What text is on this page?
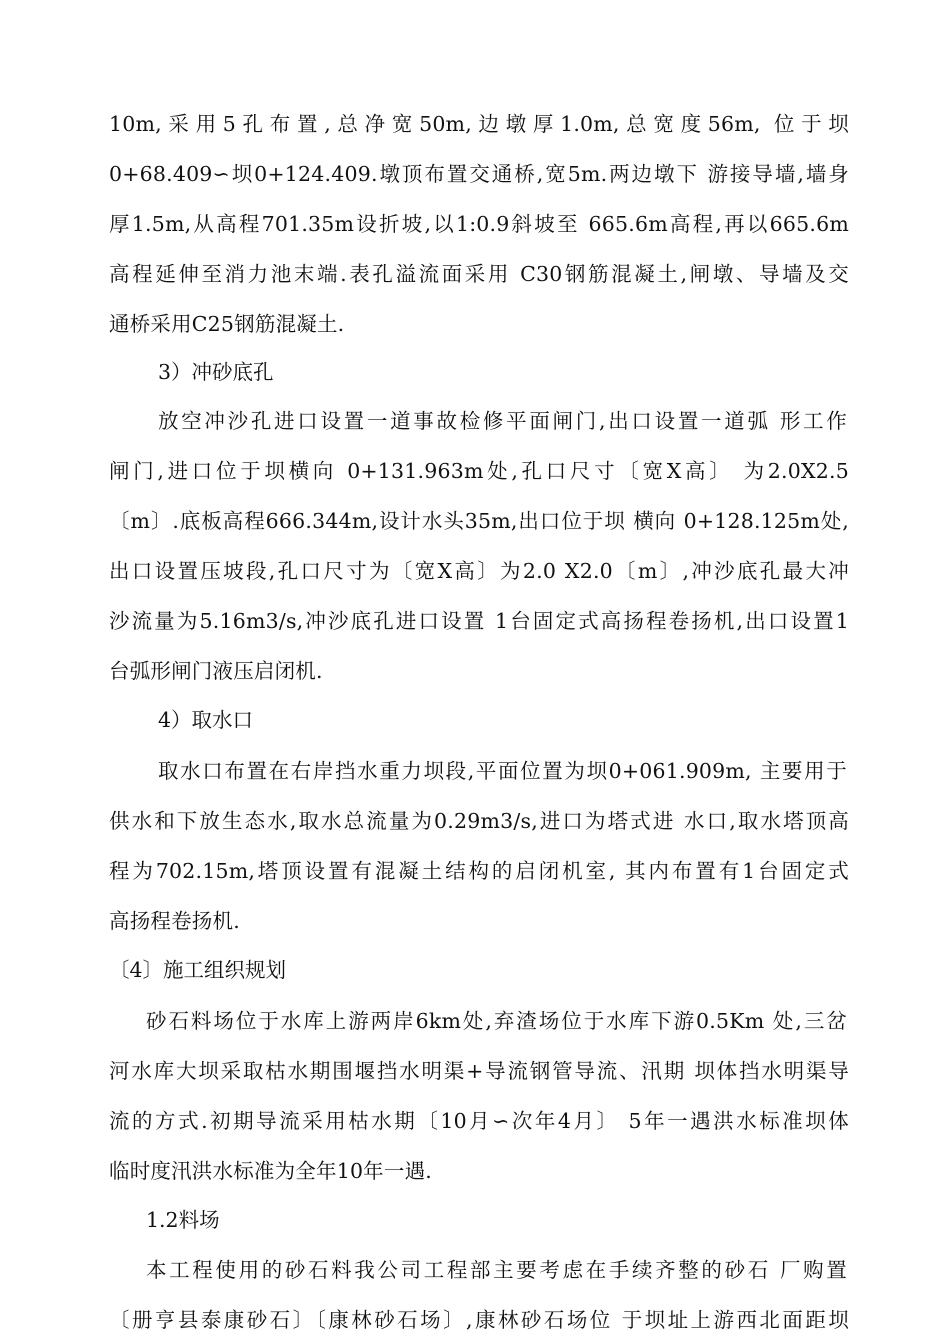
10m,采用5孔布置,总净宽50m,边墩厚1.0m,总宽度56m, 位于坝
0+68.409∽坝0+124.409.墩顶布置交通桥,宽5m.两边墩下 游接导墙,墙身
厚1.5m,从高程701.35m设折坡,以1:0.9斜坡至 665.6m高程,再以665.6m
高程延伸至消力池末端.表孔溢流面采用 C30钢筋混凝土,闸墩、导墙及交
通桥采用C25钢筋混凝土.
3）冲砂底孔
放空冲沙孔进口设置一道事故检修平面闸门,出口设置一道弧 形工作
闸门,进口位于坝横向 0+131.963m处,孔口尺寸〔宽X高〕 为2.0X2.5
〔m〕.底板高程666.344m,设计水头35m,出口位于坝 横向 0+128.125m处,
出口设置压坡段,孔口尺寸为〔宽X高〕为2.0 X2.0〔m〕,冲沙底孔最大冲
沙流量为5.16m3/s,冲沙底孔进口设置 1台固定式高扬程卷扬机,出口设置1
台弧形闸门液压启闭机.
4）取水口
取水口布置在右岸挡水重力坝段,平面位置为坝0+061.909m, 主要用于
供水和下放生态水,取水总流量为0.29m3/s,进口为塔式进 水口,取水塔顶高
程为702.15m,塔顶设置有混凝土结构的启闭机室, 其内布置有1台固定式
高扬程卷扬机.
〔4〕施工组织规划
砂石料场位于水库上游两岸6km处,弃渣场位于水库下游0.5Km 处,三岔
河水库大坝采取枯水期围堰挡水明渠+导流钢管导流、汛期 坝体挡水明渠导
流的方式.初期导流采用枯水期〔10月∽次年4月〕 5年一遇洪水标准坝体
临时度汛洪水标准为全年10年一遇.
1.2料场
本工程使用的砂石料我公司工程部主要考虑在手续齐整的砂石 厂购置
〔册亨县泰康砂石〕〔康林砂石场〕,康林砂石场位 于坝址上游西北面距坝
